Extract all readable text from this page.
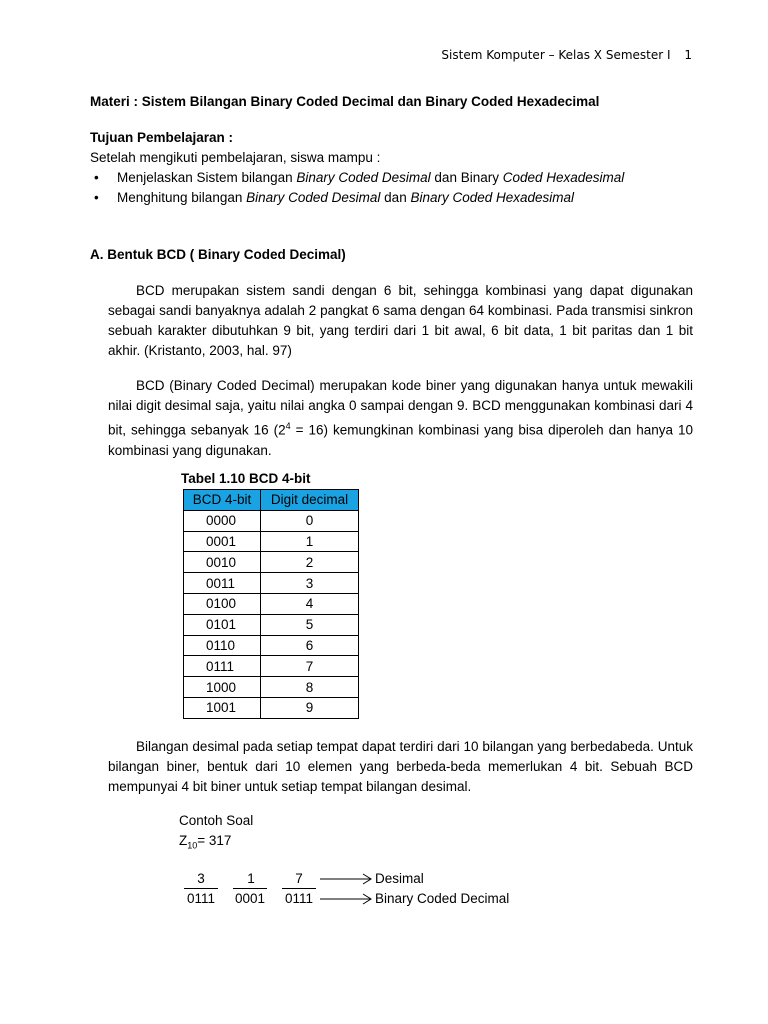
Sistem Komputer – Kelas X Semester I 1
Materi : Sistem Bilangan Binary Coded Decimal dan Binary Coded Hexadecimal
Tujuan Pembelajaran :
Setelah mengikuti pembelajaran, siswa mampu :
• Menjelaskan Sistem bilangan Binary Coded Desimal dan Binary Coded Hexadesimal
• Menghitung bilangan Binary Coded Desimal dan Binary Coded Hexadesimal
A. Bentuk BCD ( Binary Coded Decimal)
BCD merupakan sistem sandi dengan 6 bit, sehingga kombinasi yang dapat digunakan sebagai sandi banyaknya adalah 2 pangkat 6 sama dengan 64 kombinasi. Pada transmisi sinkron sebuah karakter dibutuhkan 9 bit, yang terdiri dari 1 bit awal, 6 bit data, 1 bit paritas dan 1 bit akhir. (Kristanto, 2003, hal. 97)
BCD (Binary Coded Decimal) merupakan kode biner yang digunakan hanya untuk mewakili nilai digit desimal saja, yaitu nilai angka 0 sampai dengan 9. BCD menggunakan kombinasi dari 4 bit, sehingga sebanyak 16 $(2^4 = 16)$ kemungkinan kombinasi yang bisa diperoleh dan hanya 10 kombinasi yang digunakan.
Tabel 1.10 BCD 4-bit
BCD 4-bit	Digit decimal
0000	0
0001	1
0010	2
0011	3
0100	4
0101	5
0110	6
0111	7
1000	8
1001	9
Bilangan desimal pada setiap tempat dapat terdiri dari 10 bilangan yang berbedabeda. Untuk bilangan biner, bentuk dari 10 elemen yang berbeda-beda memerlukan 4 bit. Sebuah BCD mempunyai 4 bit biner untuk setiap tempat bilangan desimal.
Contoh Soal
$Z_{10}= 317$
3	1	7
0111 0001 0111
Desimal
Binary Coded Decimal
